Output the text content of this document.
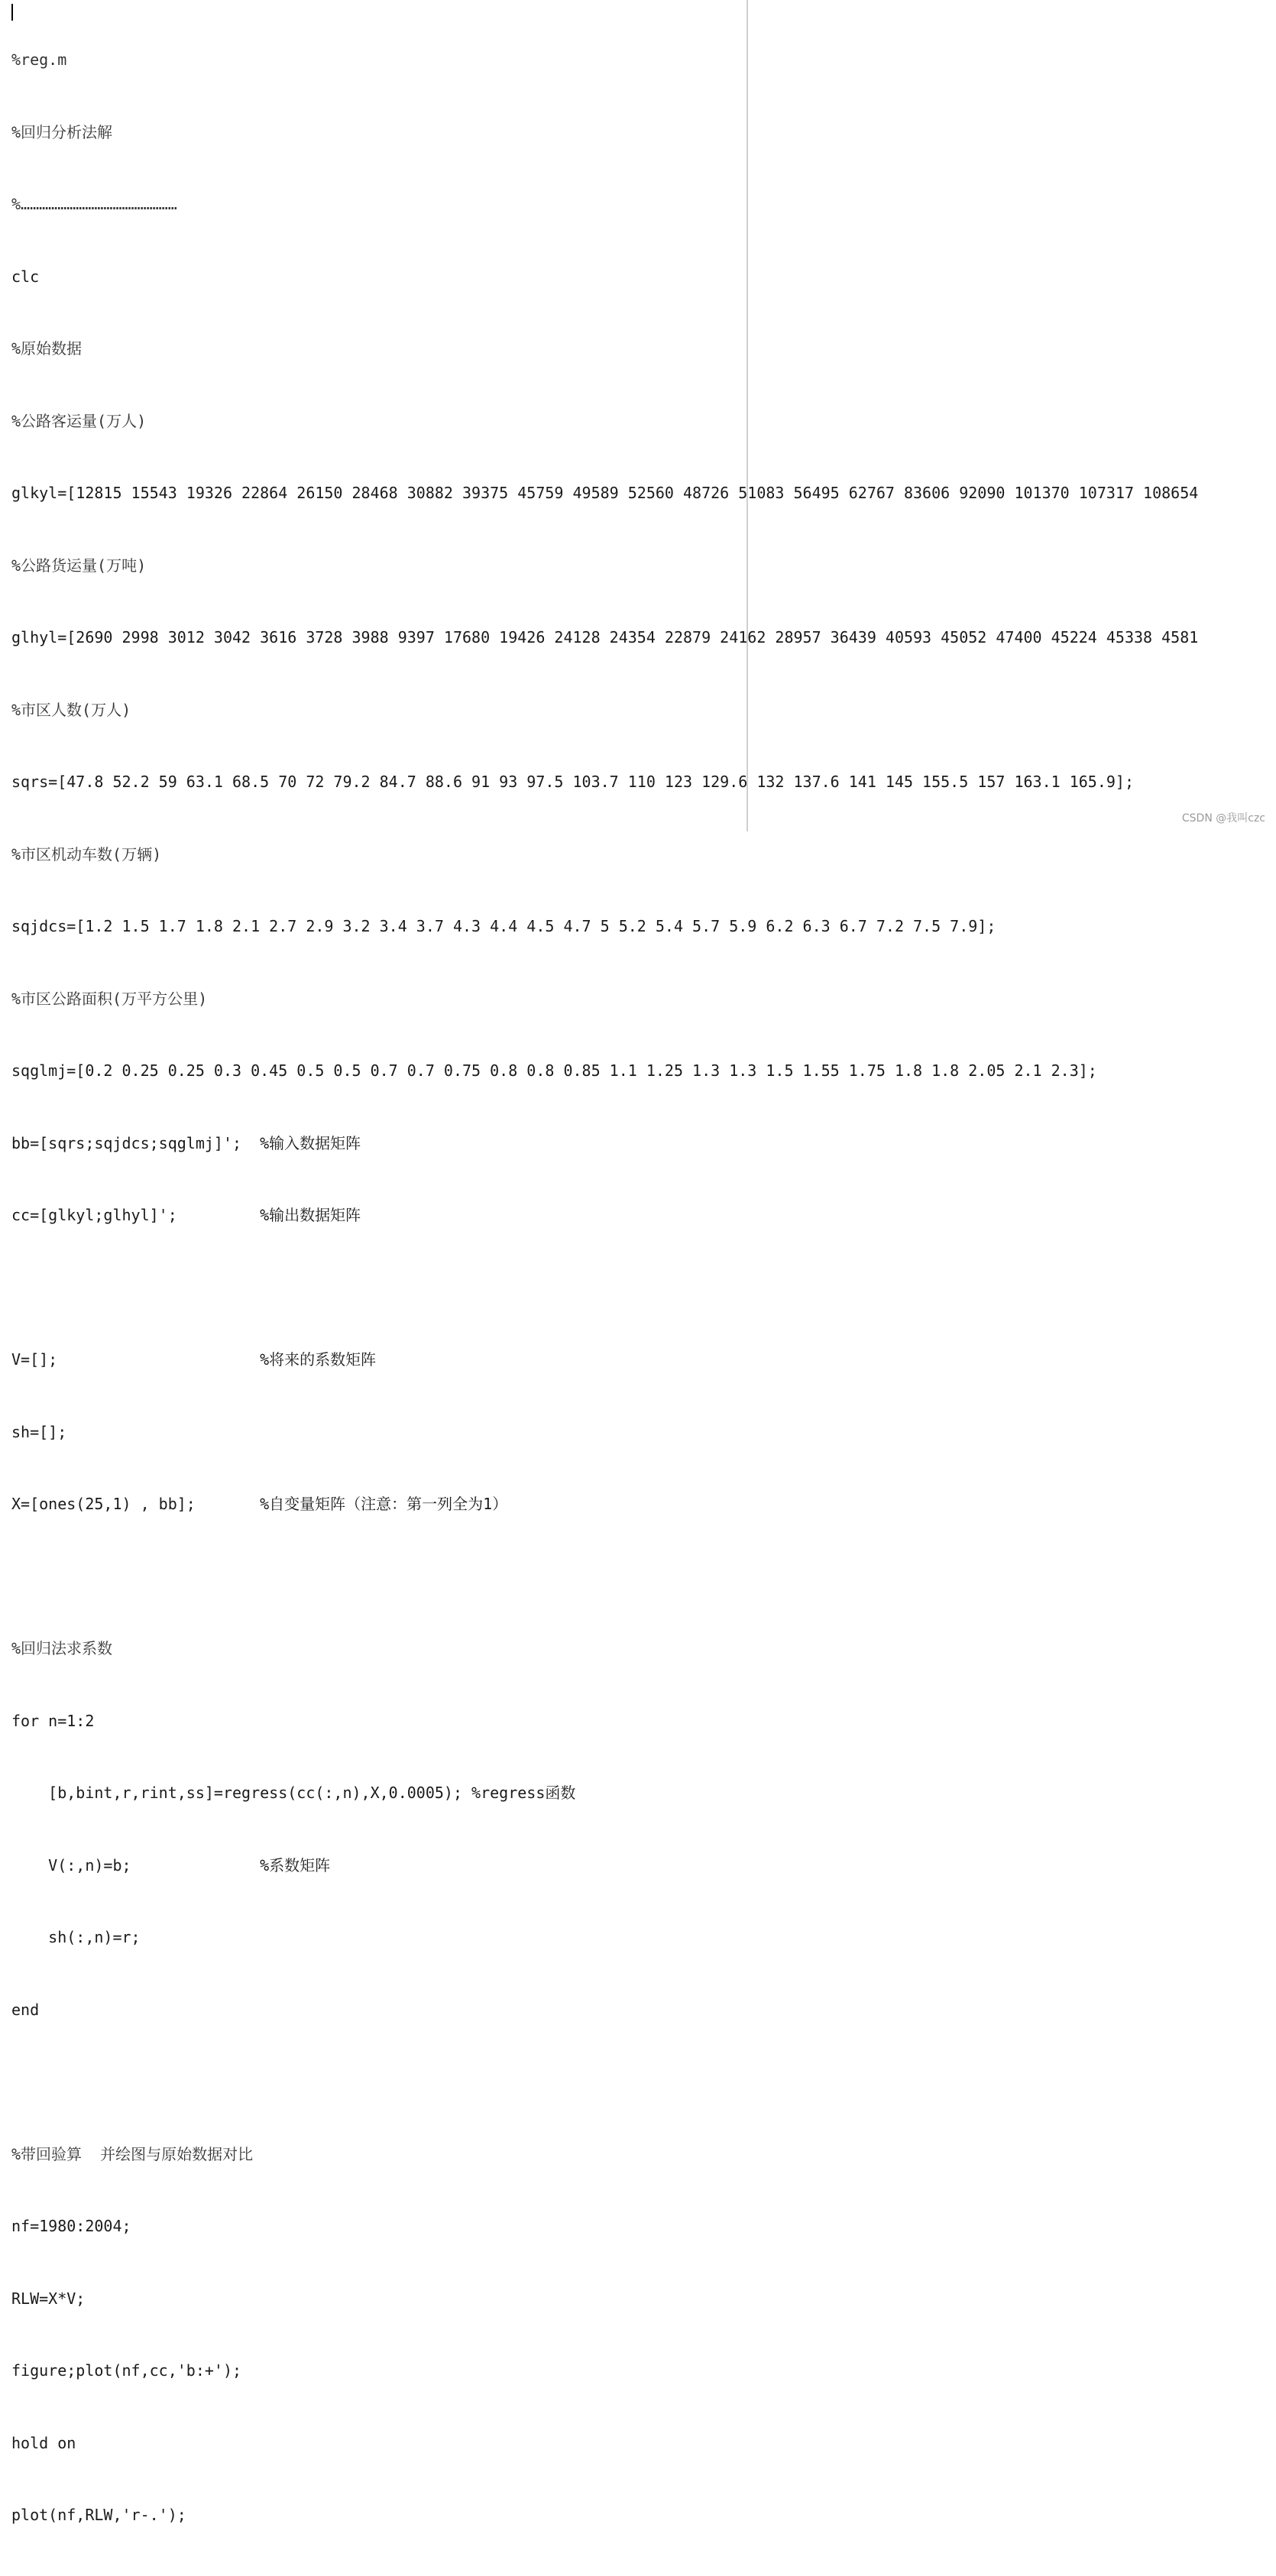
%reg.m

%回归分析法解

%……………………………………………

clc

%原始数据

%公路客运量(万人)

glkyl=[12815 15543 19326 22864 26150 28468 30882 39375 45759 49589 52560 48726 51083 56495 62767 83606 92090 101370 107317 108654

%公路货运量(万吨)

glhyl=[2690 2998 3012 3042 3616 3728 3988 9397 17680 19426 24128 24354 22879 24162 28957 36439 40593 45052 47400 45224 45338 4581

%市区人数(万人)

sqrs=[47.8 52.2 59 63.1 68.5 70 72 79.2 84.7 88.6 91 93 97.5 103.7 110 123 129.6 132 137.6 141 145 155.5 157 163.1 165.9];

%市区机动车数(万辆)

sqjdcs=[1.2 1.5 1.7 1.8 2.1 2.7 2.9 3.2 3.4 3.7 4.3 4.4 4.5 4.7 5 5.2 5.4 5.7 5.9 6.2 6.3 6.7 7.2 7.5 7.9];

%市区公路面积(万平方公里)

sqglmj=[0.2 0.25 0.25 0.3 0.45 0.5 0.5 0.7 0.7 0.75 0.8 0.8 0.85 1.1 1.25 1.3 1.3 1.5 1.55 1.75 1.8 1.8 2.05 2.1 2.3];

bb=[sqrs;sqjdcs;sqglmj]';  %输入数据矩阵

cc=[glkyl;glhyl]';         %输出数据矩阵

V=[];                      %将来的系数矩阵

sh=[];

X=[ones(25,1) , bb];       %自变量矩阵（注意：第一列全为1）

%回归法求系数

for n=1:2

[b,bint,r,rint,ss]=regress(cc(:,n),X,0.0005); %regress函数

V(:,n)=b;              %系数矩阵

sh(:,n)=r;

end

%带回验算  并绘图与原始数据对比

nf=1980:2004;

RLW=X*V;

figure;plot(nf,cc,'b:+');

hold on

plot(nf,RLW,'r-.');

CSDN @我叫czc
